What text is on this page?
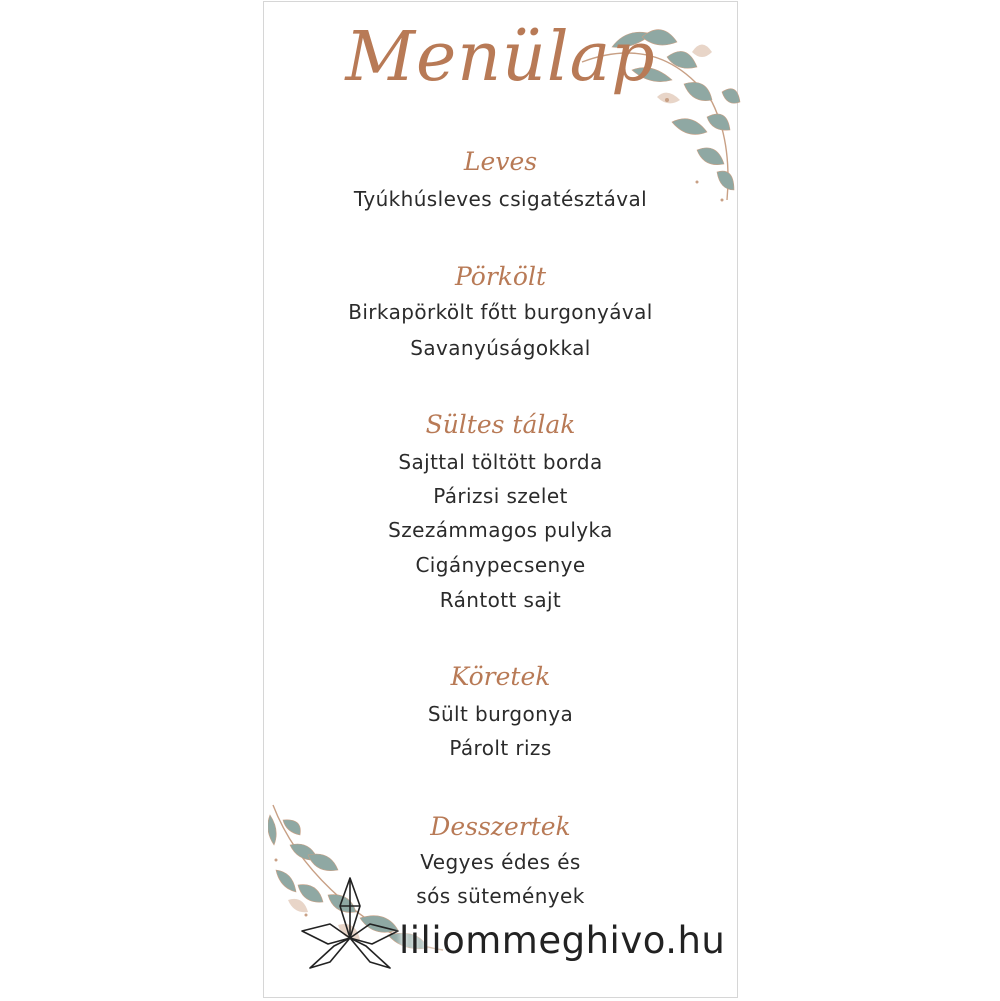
Menülap
Leves
Tyúkhúsleves csigatésztával
Pörkölt
Birkapörkölt főtt burgonyával
Savanyúságokkal
Sültes tálak
Sajttal töltött borda
Párizsi szelet
Szezámmagos pulyka
Cigánypecsenye
Rántott sajt
Köretek
Sült burgonya
Párolt rizs
Desszertek
Vegyes édes és
sós sütemények
liliommeghivo.hu
